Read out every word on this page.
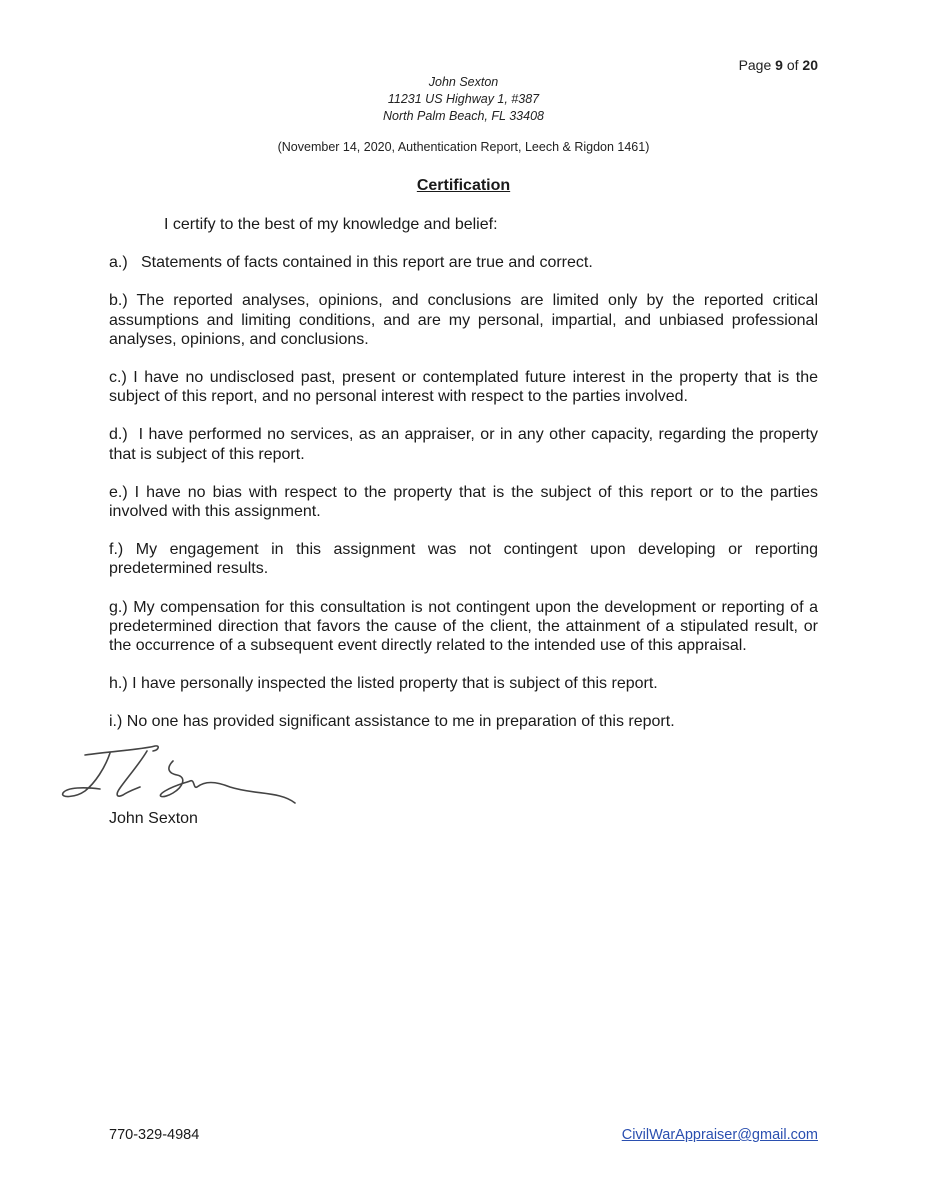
Page 9 of 20
John Sexton
11231 US Highway 1, #387
North Palm Beach, FL 33408
(November 14, 2020, Authentication Report, Leech & Rigdon 1461)
Certification

I certify to the best of my knowledge and belief:

a.)   Statements of facts contained in this report are true and correct.

b.) The reported analyses, opinions, and conclusions are limited only by the reported critical assumptions and limiting conditions, and are my personal, impartial, and unbiased professional analyses, opinions, and conclusions.

c.) I have no undisclosed past, present or contemplated future interest in the property that is the subject of this report, and no personal interest with respect to the parties involved.

d.)  I have performed no services, as an appraiser, or in any other capacity, regarding the property that is subject of this report.

e.) I have no bias with respect to the property that is the subject of this report or to the parties involved with this assignment.

f.) My engagement in this assignment was not contingent upon developing or reporting predetermined results.

g.) My compensation for this consultation is not contingent upon the development or reporting of a predetermined direction that favors the cause of the client, the attainment of a stipulated result, or the occurrence of a subsequent event directly related to the intended use of this appraisal.

h.) I have personally inspected the listed property that is subject of this report.

i.) No one has provided significant assistance to me in preparation of this report.

John Sexton
770-329-4984	CivilWarAppraiser@gmail.com
